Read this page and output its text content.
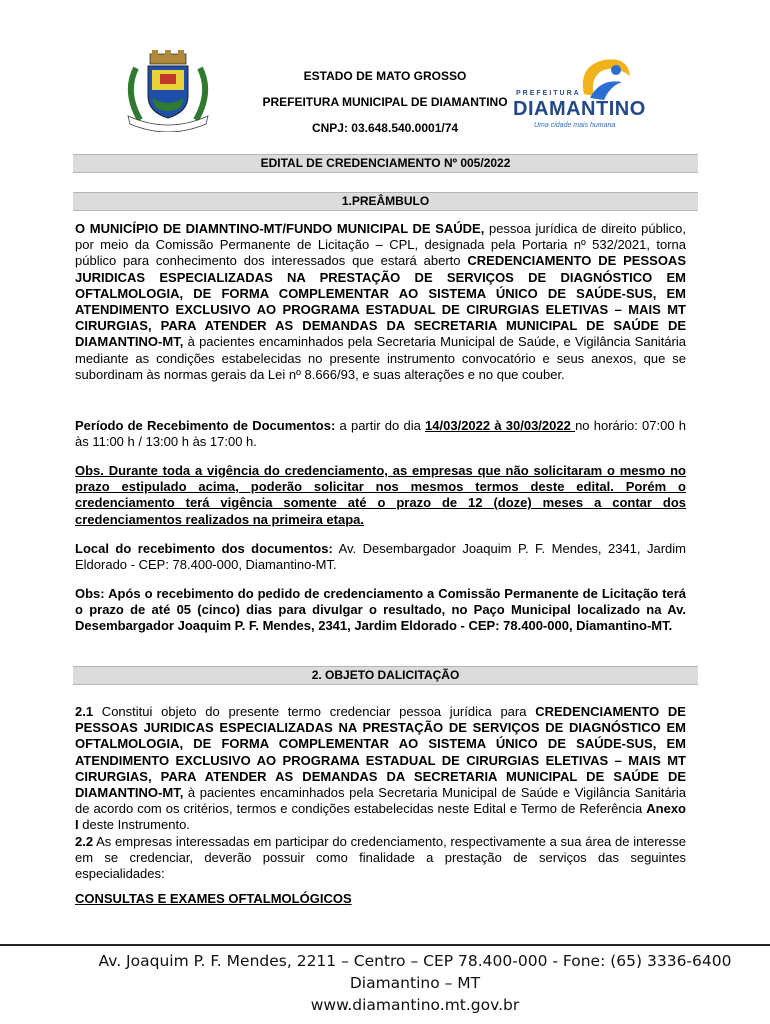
ESTADO DE MATO GROSSO
PREFEITURA MUNICIPAL DE DIAMANTINO
CNPJ: 03.648.540.0001/74
PREFEITURA
DIAMANTINO
Uma cidade mais humana
EDITAL DE CREDENCIAMENTO Nº 005/2022
1.PREÂMBULO
O MUNICÍPIO DE DIAMNTINO-MT/FUNDO MUNICIPAL DE SAÚDE, pessoa jurídica de direito público, por meio da Comissão Permanente de Licitação – CPL, designada pela Portaria nº 532/2021, torna público para conhecimento dos interessados que estará aberto CREDENCIAMENTO DE PESSOAS JURIDICAS ESPECIALIZADAS NA PRESTAÇÃO DE SERVIÇOS DE DIAGNÓSTICO EM OFTALMOLOGIA, DE FORMA COMPLEMENTAR AO SISTEMA ÚNICO DE SAÚDE-SUS, EM ATENDIMENTO EXCLUSIVO AO PROGRAMA ESTADUAL DE CIRURGIAS ELETIVAS – MAIS MT CIRURGIAS, PARA ATENDER AS DEMANDAS DA SECRETARIA MUNICIPAL DE SAÚDE DE DIAMANTINO-MT, à pacientes encaminhados pela Secretaria Municipal de Saúde, e Vigilância Sanitária mediante as condições estabelecidas no presente instrumento convocatório e seus anexos, que se subordinam às normas gerais da Lei nº 8.666/93, e suas alterações e no que couber.
Período de Recebimento de Documentos: a partir do dia 14/03/2022 à 30/03/2022 no horário: 07:00 h às 11:00 h / 13:00 h às 17:00 h.
Obs. Durante toda a vigência do credenciamento, as empresas que não solicitaram o mesmo no prazo estipulado acima, poderão solicitar nos mesmos termos deste edital. Porém o credenciamento terá vigência somente até o prazo de 12 (doze) meses a contar dos credenciamentos realizados na primeira etapa.
Local do recebimento dos documentos: Av. Desembargador Joaquim P. F. Mendes, 2341, Jardim Eldorado - CEP: 78.400-000, Diamantino-MT.
Obs: Após o recebimento do pedido de credenciamento a Comissão Permanente de Licitação terá o prazo de até 05 (cinco) dias para divulgar o resultado, no Paço Municipal localizado na Av. Desembargador Joaquim P. F. Mendes, 2341, Jardim Eldorado - CEP: 78.400-000, Diamantino-MT.
2. OBJETO DALICITAÇÃO
2.1 Constitui objeto do presente termo credenciar pessoa jurídica para CREDENCIAMENTO DE PESSOAS JURIDICAS ESPECIALIZADAS NA PRESTAÇÃO DE SERVIÇOS DE DIAGNÓSTICO EM OFTALMOLOGIA, DE FORMA COMPLEMENTAR AO SISTEMA ÚNICO DE SAÚDE-SUS, EM ATENDIMENTO EXCLUSIVO AO PROGRAMA ESTADUAL DE CIRURGIAS ELETIVAS – MAIS MT CIRURGIAS, PARA ATENDER AS DEMANDAS DA SECRETARIA MUNICIPAL DE SAÚDE DE DIAMANTINO-MT, à pacientes encaminhados pela Secretaria Municipal de Saúde e Vigilância Sanitária de acordo com os critérios, termos e condições estabelecidas neste Edital e Termo de Referência Anexo I deste Instrumento.
2.2 As empresas interessadas em participar do credenciamento, respectivamente a sua área de interesse em se credenciar, deverão possuir como finalidade a prestação de serviços das seguintes especialidades:
CONSULTAS E EXAMES OFTALMOLÓGICOS
Av. Joaquim P. F. Mendes, 2211 – Centro – CEP 78.400-000 - Fone: (65) 3336-6400
Diamantino – MT
www.diamantino.mt.gov.br
